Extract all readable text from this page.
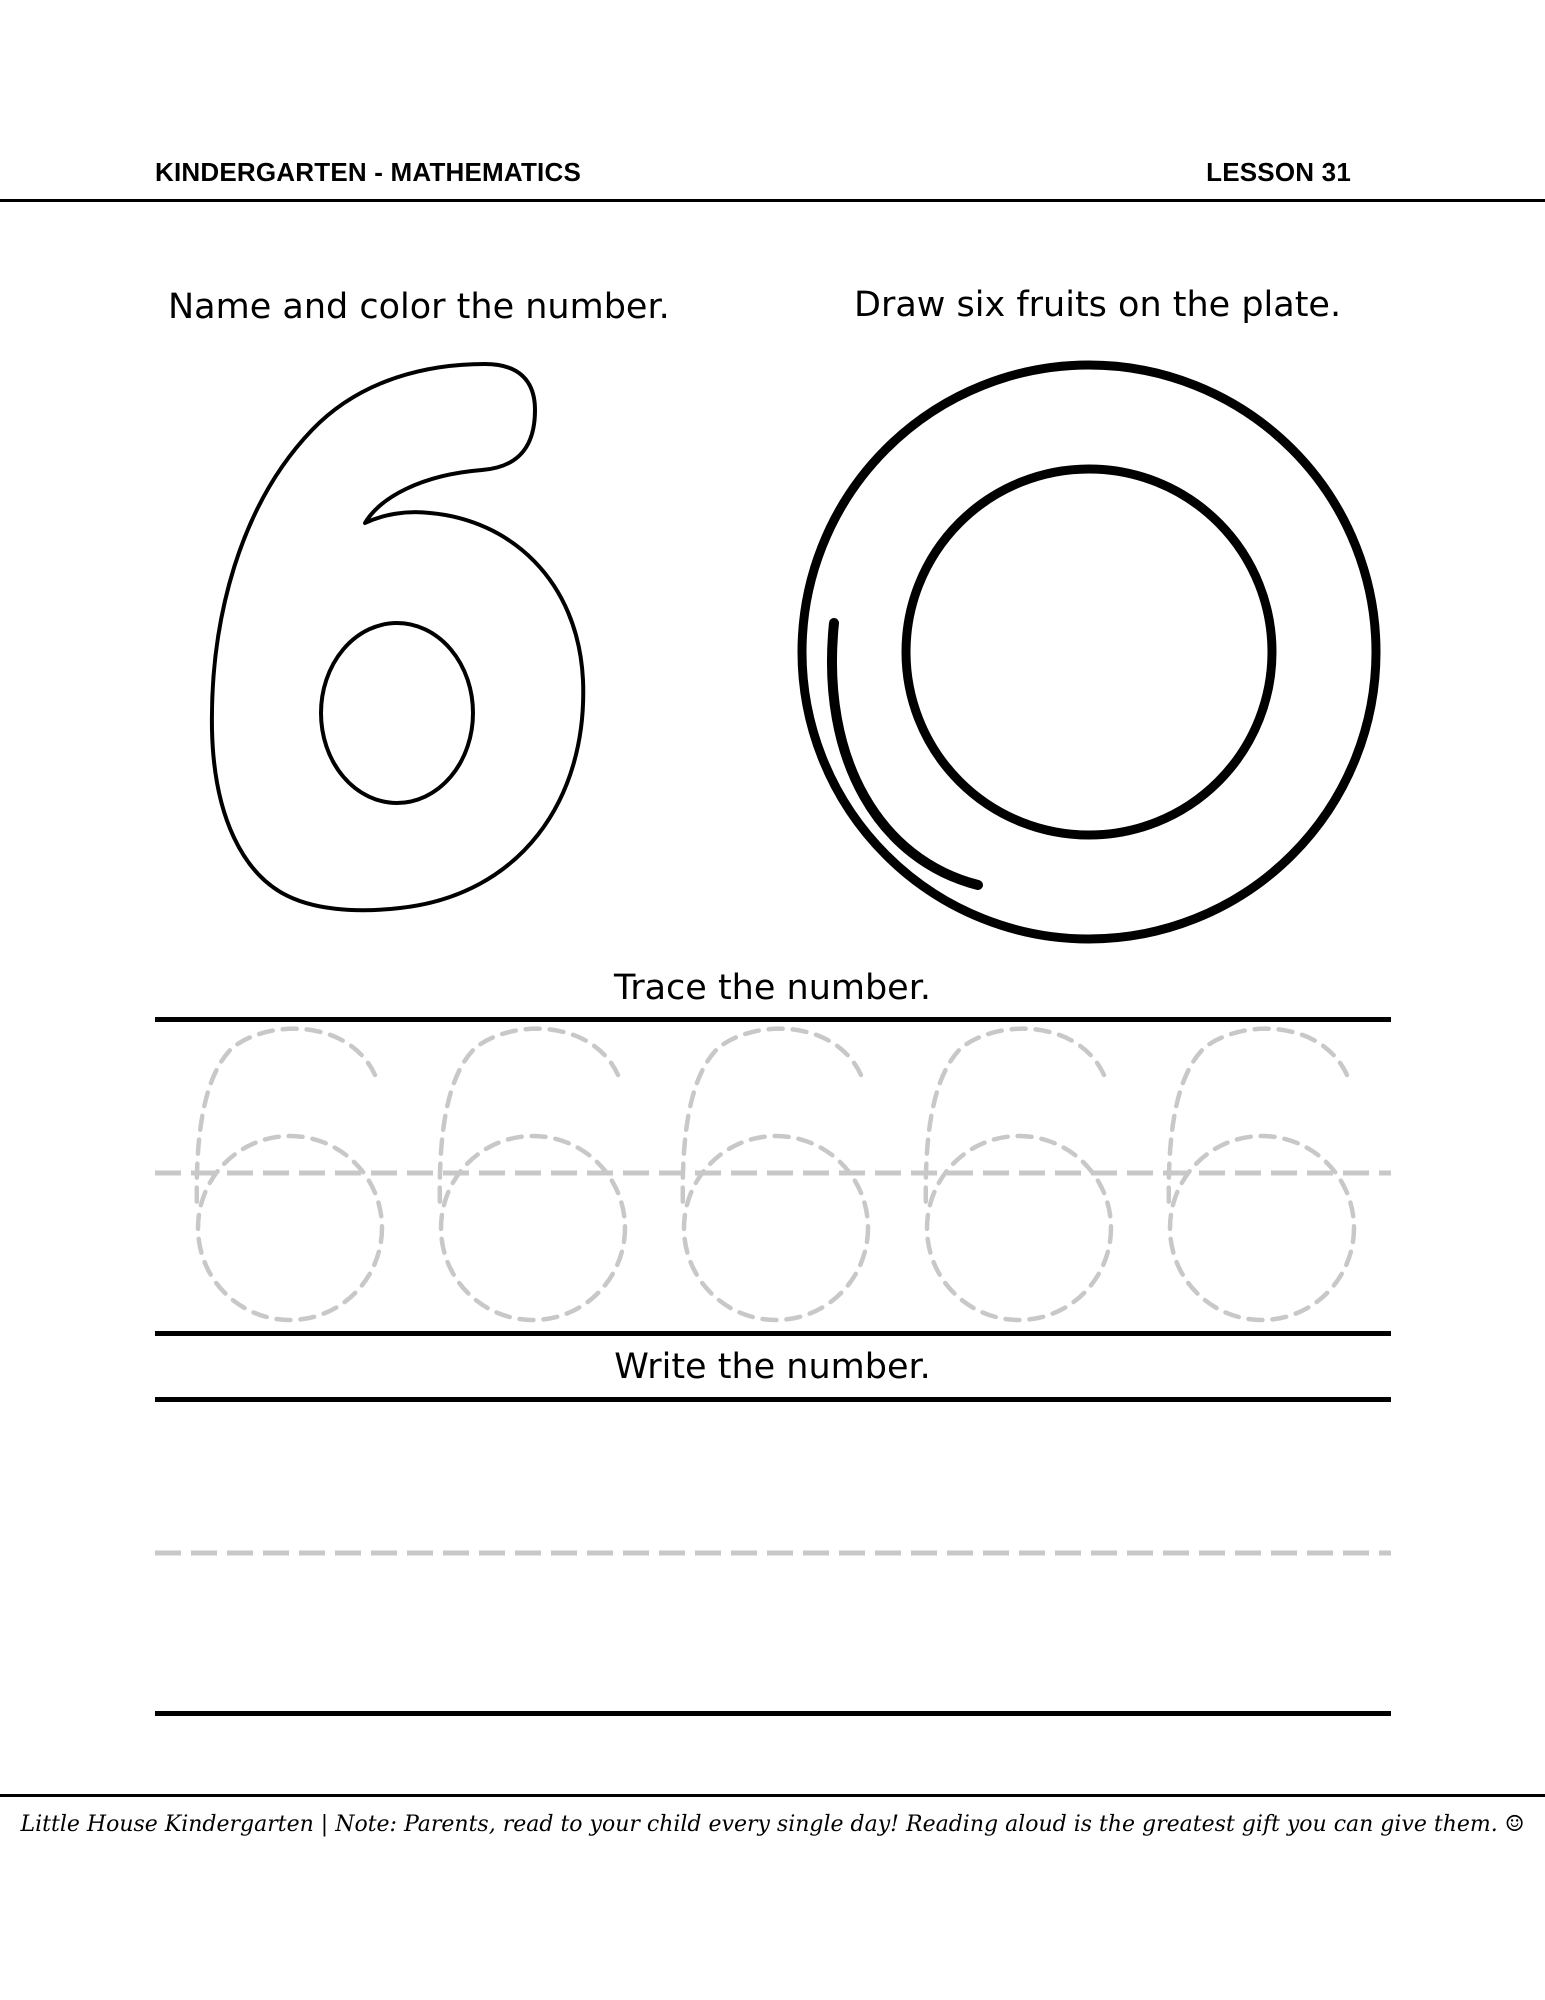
KINDERGARTEN - MATHEMATICS	LESSON 31
Name and color the number.	Draw six fruits on the plate.
Trace the number.
Write the number.
Little House Kindergarten | Note: Parents, read to your child every single day! Reading aloud is the greatest gift you can give them. ☺
